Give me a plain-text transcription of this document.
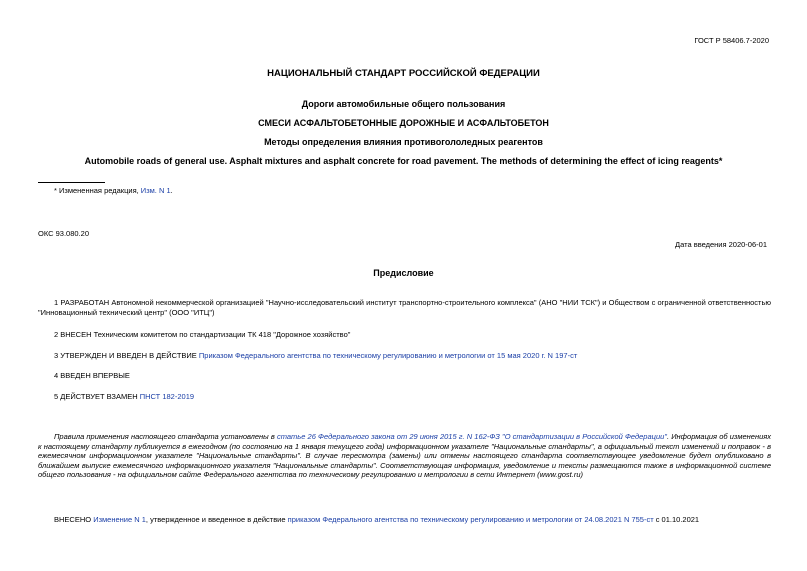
ГОСТ Р 58406.7-2020
НАЦИОНАЛЬНЫЙ СТАНДАРТ РОССИЙСКОЙ ФЕДЕРАЦИИ
Дороги автомобильные общего пользования
СМЕСИ АСФАЛЬТОБЕТОННЫЕ ДОРОЖНЫЕ И АСФАЛЬТОБЕТОН
Методы определения влияния противогололедных реагентов
Automobile roads of general use. Asphalt mixtures and asphalt concrete for road pavement. The methods of determining the effect of icing reagents*
* Измененная редакция, Изм. N 1.
ОКС 93.080.20
Дата введения 2020-06-01
Предисловие
1 РАЗРАБОТАН Автономной некоммерческой организацией "Научно-исследовательский институт транспортно-строительного комплекса" (АНО "НИИ ТСК") и Обществом с ограниченной ответственностью "Инновационный технический центр" (ООО "ИТЦ")
2 ВНЕСЕН Техническим комитетом по стандартизации ТК 418 "Дорожное хозяйство"
3 УТВЕРЖДЕН И ВВЕДЕН В ДЕЙСТВИЕ Приказом Федерального агентства по техническому регулированию и метрологии от 15 мая 2020 г. N 197-ст
4 ВВЕДЕН ВПЕРВЫЕ
5 ДЕЙСТВУЕТ ВЗАМЕН ПНСТ 182-2019
Правила применения настоящего стандарта установлены в статье 26 Федерального закона от 29 июня 2015 г. N 162-ФЗ "О стандартизации в Российской Федерации". Информация об изменениях к настоящему стандарту публикуется в ежегодном (по состоянию на 1 января текущего года) информационном указателе "Национальные стандарты", а официальный текст изменений и поправок - в ежемесячном информационном указателе "Национальные стандарты". В случае пересмотра (замены) или отмены настоящего стандарта соответствующее уведомление будет опубликовано в ближайшем выпуске ежемесячного информационного указателя "Национальные стандарты". Соответствующая информация, уведомление и тексты размещаются также в информационной системе общего пользования - на официальном сайте Федерального агентства по техническому регулированию и метрологии в сети Интернет (www.gost.ru)
ВНЕСЕНО Изменение N 1, утвержденное и введенное в действие приказом Федерального агентства по техническому регулированию и метрологии от 24.08.2021 N 755-ст с 01.10.2021
